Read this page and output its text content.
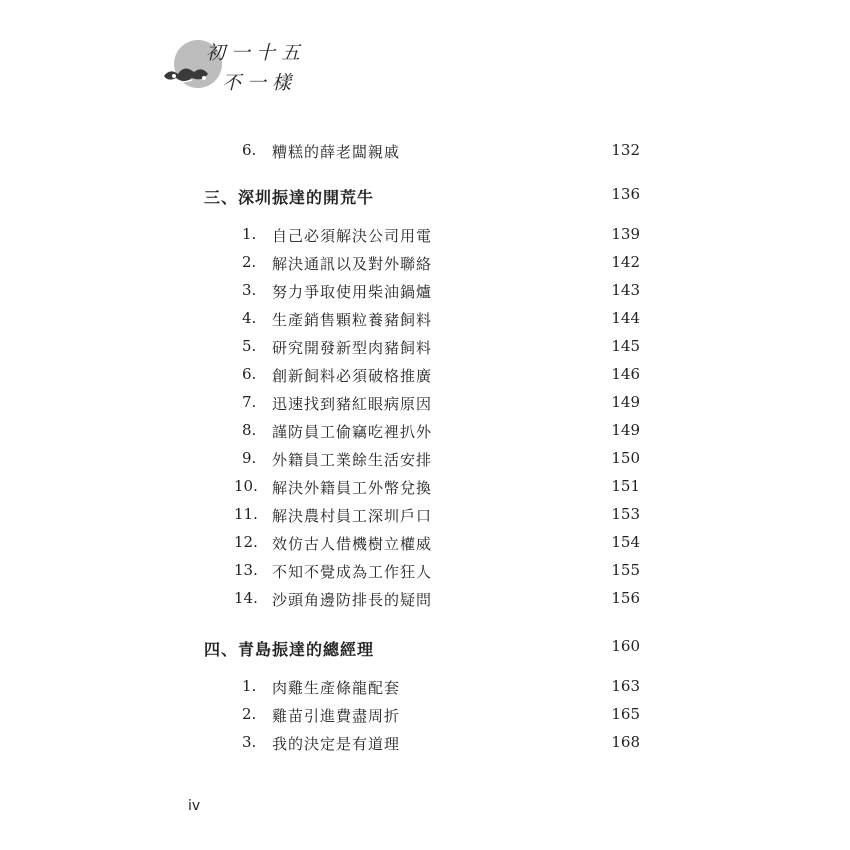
初一十五
不一樣
6. 糟糕的薛老闆親戚	132
三、深圳振達的開荒牛	136
1. 自己必須解決公司用電	139
2. 解決通訊以及對外聯絡	142
3. 努力爭取使用柴油鍋爐	143
4. 生產銷售顆粒養豬飼料	144
5. 研究開發新型肉豬飼料	145
6. 創新飼料必須破格推廣	146
7. 迅速找到豬紅眼病原因	149
8. 謹防員工偷竊吃裡扒外	149
9. 外籍員工業餘生活安排	150
10. 解決外籍員工外幣兌換	151
11. 解決農村員工深圳戶口	153
12. 效仿古人借機樹立權威	154
13. 不知不覺成為工作狂人	155
14. 沙頭角邊防排長的疑問	156
四、青島振達的總經理	160
1. 肉雞生產條龍配套	163
2. 雞苗引進費盡周折	165
3. 我的決定是有道理	168
iv
